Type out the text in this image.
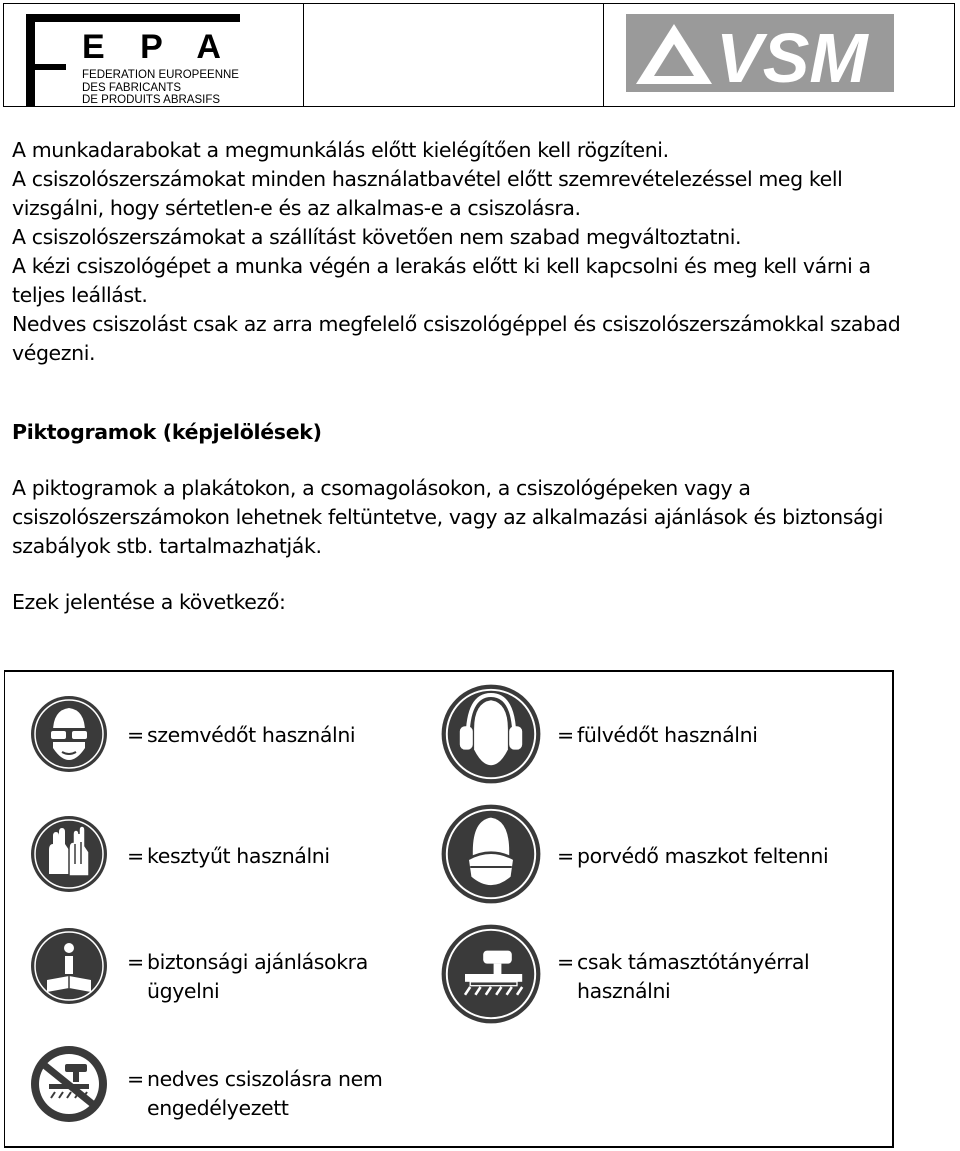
E P A

FEDERATION EUROPEENNE
DES FABRICANTS
DE PRODUITS ABRASIFS
VSM

A munkadarabokat a megmunkálás előtt kielégítően kell rögzíteni.

A csiszolószerszámokat minden használatbavétel előtt szemrevételezéssel meg kell vizsgálni, hogy sértetlen-e és az alkalmas-e a csiszolásra.

A csiszolószerszámokat a szállítást követően nem szabad megváltoztatni.

A kézi csiszológépet a munka végén a lerakás előtt ki kell kapcsolni és meg kell várni a teljes leállást.

Nedves csiszolást csak az arra megfelelő csiszológéppel és csiszolószerszámokkal szabad végezni.

Piktogramok (képjelölések)

A piktogramok a plakátokon, a csomagolásokon, a csiszológépeken vagy a csiszolószerszámokon lehetnek feltüntetve, vagy az alkalmazási ajánlások és biztonsági szabályok stb. tartalmazhatják.

Ezek jelentése a következő:

= szemvédőt használni	= fülvédőt használni
= kesztyűt használni	= porvédő maszkot feltenni
= biztonsági ajánlásokra
ügyelni
= csak támasztótányérral
használni
= nedves csiszolásra nem
engedélyezett
